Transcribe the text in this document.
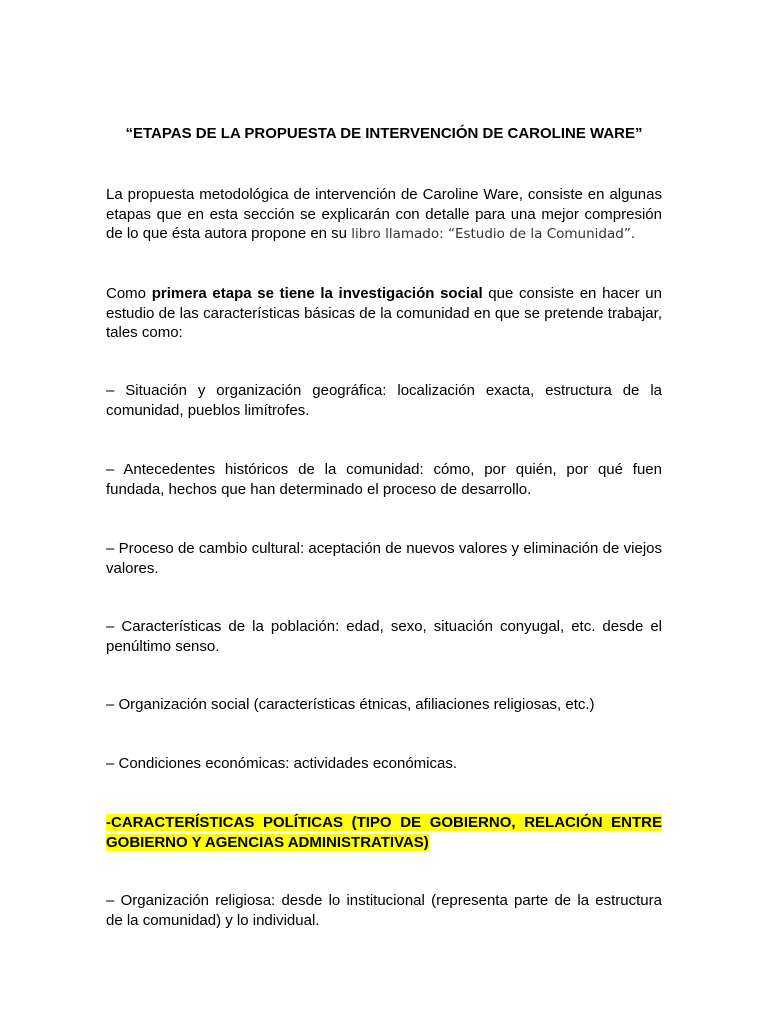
“ETAPAS DE LA PROPUESTA DE INTERVENCIÓN DE CAROLINE WARE”

La propuesta metodológica de intervención de Caroline Ware, consiste en algunas etapas que en esta sección se explicarán con detalle para una mejor compresión de lo que ésta autora propone en su libro llamado: “Estudio de la Comunidad”.

Como primera etapa se tiene la investigación social que consiste en hacer un estudio de las características básicas de la comunidad en que se pretende trabajar, tales como:

– Situación y organización geográfica: localización exacta, estructura de la comunidad, pueblos limítrofes.

– Antecedentes históricos de la comunidad: cómo, por quién, por qué fuen fundada, hechos que han determinado el proceso de desarrollo.

– Proceso de cambio cultural: aceptación de nuevos valores y eliminación de viejos valores.

– Características de la población: edad, sexo, situación conyugal, etc. desde el penúltimo senso.

– Organización social (características étnicas, afiliaciones religiosas, etc.)

– Condiciones económicas: actividades económicas.

-CARACTERÍSTICAS POLÍTICAS (TIPO DE GOBIERNO, RELACIÓN ENTRE GOBIERNO Y AGENCIAS ADMINISTRATIVAS)

– Organización religiosa: desde lo institucional (representa parte de la estructura de la comunidad) y lo individual.
